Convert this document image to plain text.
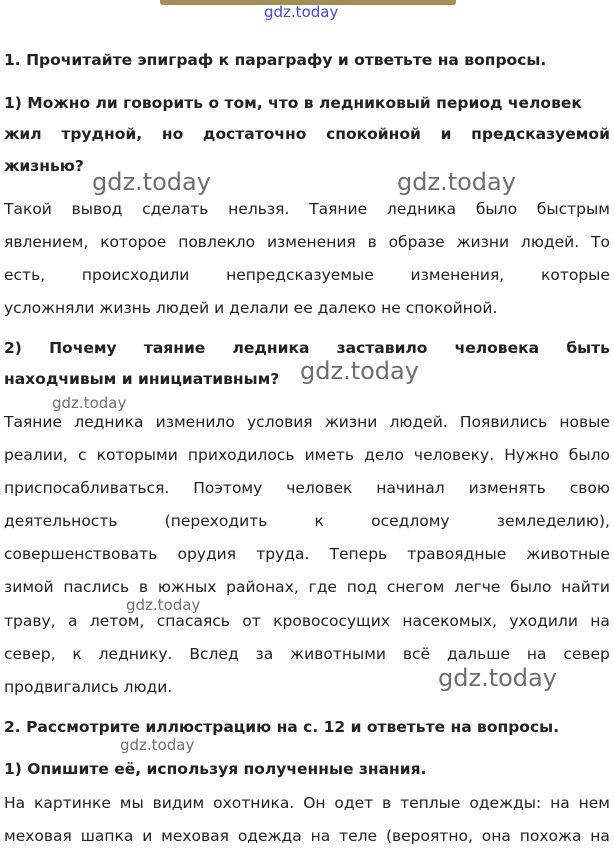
gdz.today
1. Прочитайте эпиграф к параграфу и ответьте на вопросы.
1) Можно ли говорить о том, что в ледниковый период человек
жил трудной, но достаточно спокойной и предсказуемой
жизнью?
Такой вывод сделать нельзя. Таяние ледника было быстрым
явлением, которое повлекло изменения в образе жизни людей. То
есть, происходили непредсказуемые изменения, которые
усложняли жизнь людей и делали ее далеко не спокойной.
2) Почему таяние ледника заставило человека быть
находчивым и инициативным?
Таяние ледника изменило условия жизни людей. Появились новые
реалии, с которыми приходилось иметь дело человеку. Нужно было
приспосабливаться. Поэтому человек начинал изменять свою
деятельность	(переходить	к	оседлому	земледелию),
совершенствовать орудия труда. Теперь травоядные животные
зимой паслись в южных районах, где под снегом легче было найти
траву, а летом, спасаясь от кровососущих насекомых, уходили на
север, к леднику. Вслед за животными всё дальше на север
продвигались люди.
2. Рассмотрите иллюстрацию на с. 12 и ответьте на вопросы.
1) Опишите её, используя полученные знания.
На картинке мы видим охотника. Он одет в теплые одежды: на нем
меховая шапка и меховая одежда на теле (вероятно, она похожа на
gdz.today	gdz.today
gdz.today
gdz.today
gdz.today
gdz.today
gdz.today
